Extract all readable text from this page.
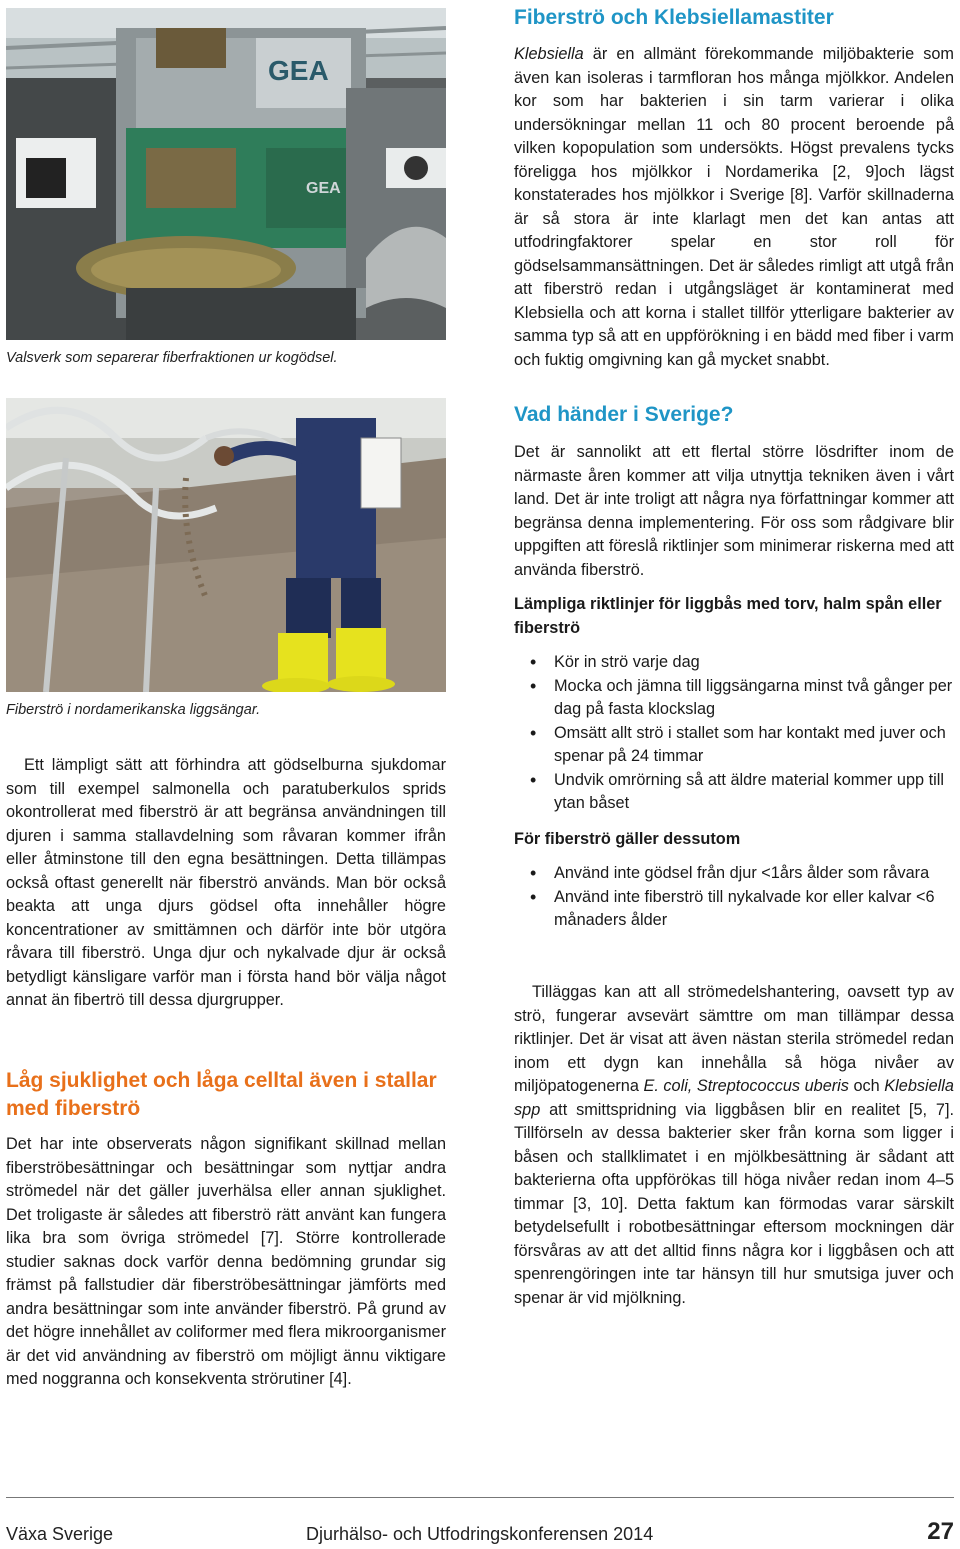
GEA
GEA
Valsverk som separerar fiberfraktionen ur kogödsel.
Fiberströ i nordamerikanska liggsängar.

Ett lämpligt sätt att förhindra att gödselburna sjukdomar som till exempel salmonella och paratuberkulos sprids okontrollerat med fiberströ är att begränsa användningen till djuren i samma stallavdelning som råvaran kommer ifrån eller åtminstone till den egna besättningen. Detta tillämpas också oftast generellt när fiberströ används. Man bör också beakta att unga djurs gödsel ofta innehåller högre koncentrationer av smittämnen och därför inte bör utgöra råvara till fiberströ. Unga djur och nykalvade djur är också betydligt känsligare varför man i första hand bör välja något annat än fibertrö till dessa djurgrupper.

Låg sjuklighet och låga celltal även i stallar med fiberströ

Det har inte observerats någon signifikant skillnad mellan fiberströbesättningar och besättningar som nyttjar andra strömedel när det gäller juverhälsa eller annan sjuklighet. Det troligaste är således att fiberströ rätt använt kan fungera lika bra som övriga strömedel [7]. Större kontrollerade studier saknas dock varför denna bedömning grundar sig främst på fallstudier där fiberströbesättningar jämförts med andra besättningar som inte använder fiberströ. På grund av det högre innehållet av coliformer med flera mikroorganismer är det vid användning av fiberströ om möjligt ännu viktigare med noggranna och konsekventa strörutiner [4].

Fiberströ och Klebsiellamastiter

Klebsiella är en allmänt förekommande miljöbakterie som även kan isoleras i tarmfloran hos många mjölkkor. Andelen kor som har bakterien i sin tarm varierar i olika undersökningar mellan 11 och 80 procent beroende på vilken kopopulation som undersökts. Högst prevalens tycks föreligga hos mjölkkor i Nordamerika [2, 9]och lägst konstaterades hos mjölkkor i Sverige [8]. Varför skillnaderna är så stora är inte klarlagt men det kan antas att utfodringfaktorer spelar en stor roll för gödselsammansättningen. Det är således rimligt att utgå från att fiberströ redan i utgångsläget är kontaminerat med Klebsiella och att korna i stallet tillför ytterligare bakterier av samma typ så att en uppförökning i en bädd med fiber i varm och fuktig omgivning kan gå mycket snabbt.

Vad händer i Sverige?

Det är sannolikt att ett flertal större lösdrifter inom de närmaste åren kommer att vilja utnyttja tekniken även i vårt land. Det är inte troligt att några nya författningar kommer att begränsa denna implementering. För oss som rådgivare blir uppgiften att föreslå riktlinjer som minimerar riskerna med att använda fiberströ.

Lämpliga riktlinjer för liggbås med torv, halm spån eller fiberströ

• Kör in strö varje dag
• Mocka och jämna till liggsängarna minst två gånger per dag på fasta klockslag
• Omsätt allt strö i stallet som har kontakt med juver och spenar på 24 timmar
• Undvik omrörning så att äldre material kommer upp till ytan båset

För fiberströ gäller dessutom

• Använd inte gödsel från djur <1års ålder som råvara
• Använd inte fiberströ till nykalvade kor eller kalvar <6 månaders ålder

Tilläggas kan att all strömedelshantering, oavsett typ av strö, fungerar avsevärt sämttre om man tillämpar dessa riktlinjer. Det är visat att även nästan sterila strömedel redan inom ett dygn kan innehålla så höga nivåer av miljöpatogenerna E. coli, Streptococcus uberis och Klebsiella spp att smittspridning via liggbåsen blir en realitet [5, 7]. Tillförseln av dessa bakterier sker från korna som ligger i båsen och stallklimatet i en mjölkbesättning är sådant att bakterierna ofta uppförökas till höga nivåer redan inom 4–5 timmar [3, 10]. Detta faktum kan förmodas varar särskilt betydelsefullt i robotbesättningar eftersom mockningen där försvåras av att det alltid finns några kor i liggbåsen och att spenrengöringen inte tar hänsyn till hur smutsiga juver och spenar är vid mjölkning.

Växa Sverige	Djurhälso- och Utfodringskonferensen 2014	27
